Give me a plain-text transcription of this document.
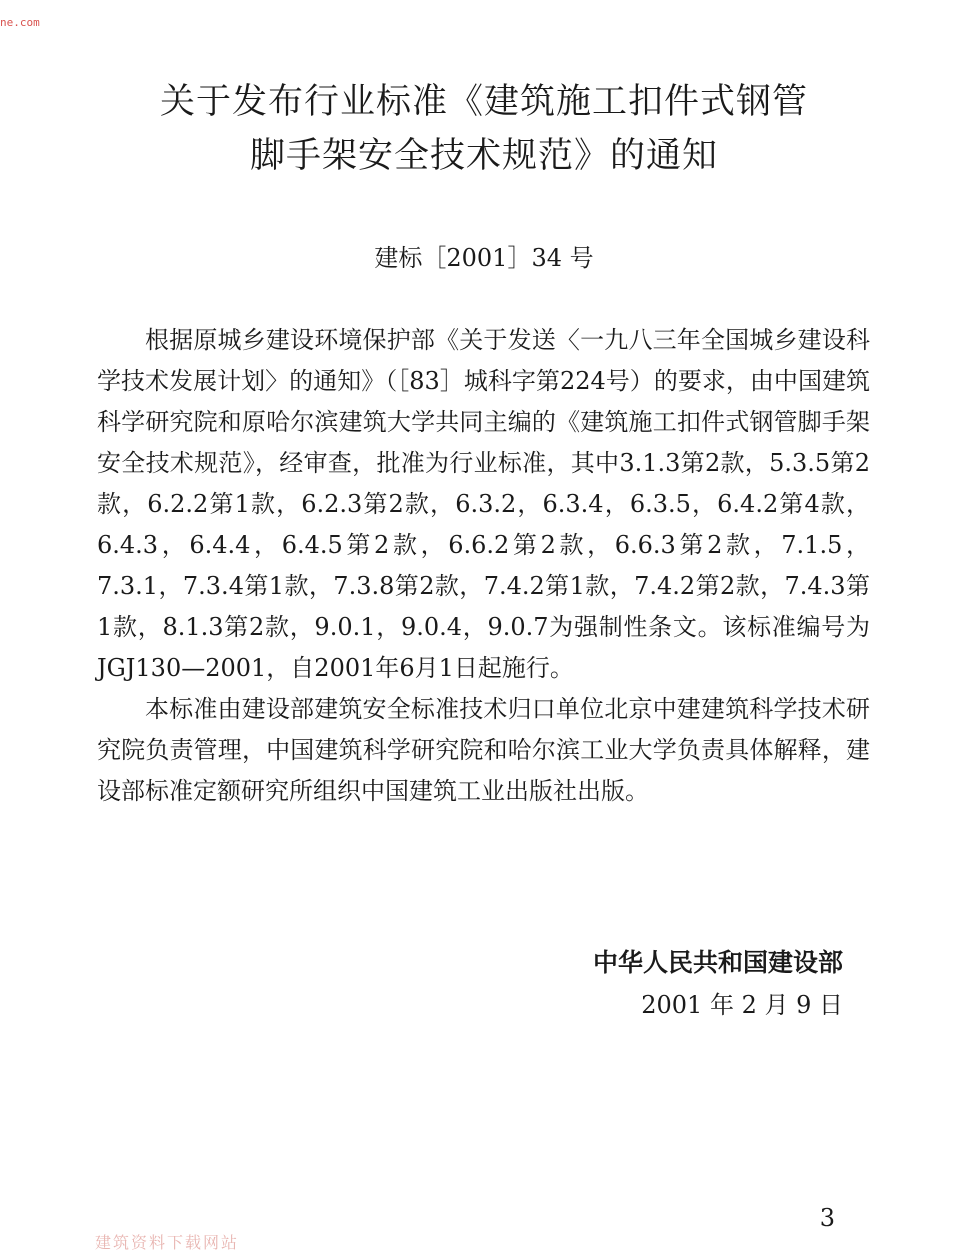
ne.com
关于发布行业标准《建筑施工扣件式钢管
脚手架安全技术规范》的通知
建标［2001］34 号

根据原城乡建设环境保护部《关于发送〈一九八三年全国城乡建设科学技术发展计划〉的通知》（［83］城科字第224号）的要求，由中国建筑科学研究院和原哈尔滨建筑大学共同主编的《建筑施工扣件式钢管脚手架安全技术规范》，经审查，批准为行业标准，其中3.1.3第2款，5.3.5第2款，6.2.2第1款，6.2.3第2款，6.3.2，6.3.4，6.3.5，6.4.2第4款，6.4.3，6.4.4，6.4.5第2款，6.6.2第2款，6.6.3第2款，7.1.5，7.3.1，7.3.4第1款，7.3.8第2款，7.4.2第1款，7.4.2第2款，7.4.3第1款，8.1.3第2款，9.0.1，9.0.4，9.0.7为强制性条文。该标准编号为JGJ130—2001，自2001年6月1日起施行。

本标准由建设部建筑安全标准技术归口单位北京中建建筑科学技术研究院负责管理，中国建筑科学研究院和哈尔滨工业大学负责具体解释，建设部标准定额研究所组织中国建筑工业出版社出版。

中华人民共和国建设部
2001 年 2 月 9 日
3
建筑资料下载网站
